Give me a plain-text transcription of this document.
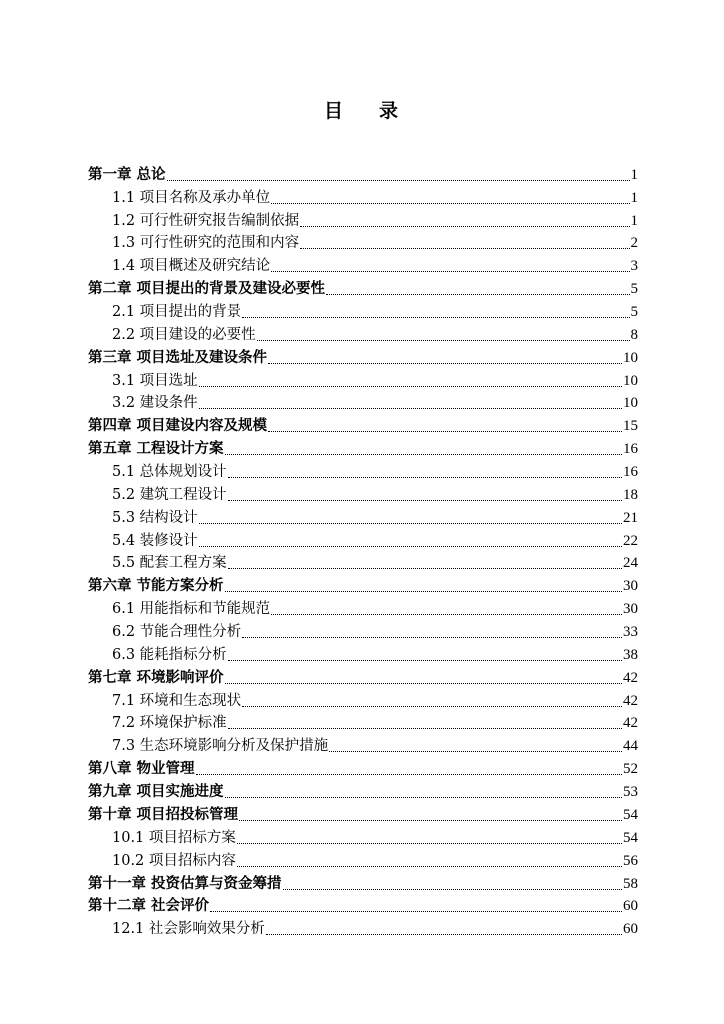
目 录
第一章 总论	1
1.1 项目名称及承办单位	1
1.2 可行性研究报告编制依据	1
1.3 可行性研究的范围和内容	2
1.4 项目概述及研究结论	3
第二章 项目提出的背景及建设必要性	5
2.1 项目提出的背景	5
2.2 项目建设的必要性	8
第三章 项目选址及建设条件	10
3.1 项目选址	10
3.2 建设条件	10
第四章 项目建设内容及规模	15
第五章 工程设计方案	16
5.1 总体规划设计	16
5.2 建筑工程设计	18
5.3 结构设计	21
5.4 装修设计	22
5.5 配套工程方案	24
第六章 节能方案分析	30
6.1 用能指标和节能规范	30
6.2 节能合理性分析	33
6.3 能耗指标分析	38
第七章 环境影响评价	42
7.1 环境和生态现状	42
7.2 环境保护标准	42
7.3 生态环境影响分析及保护措施	44
第八章 物业管理	52
第九章 项目实施进度	53
第十章 项目招投标管理	54
10.1 项目招标方案	54
10.2 项目招标内容	56
第十一章 投资估算与资金筹措	58
第十二章 社会评价	60
12.1 社会影响效果分析	60
